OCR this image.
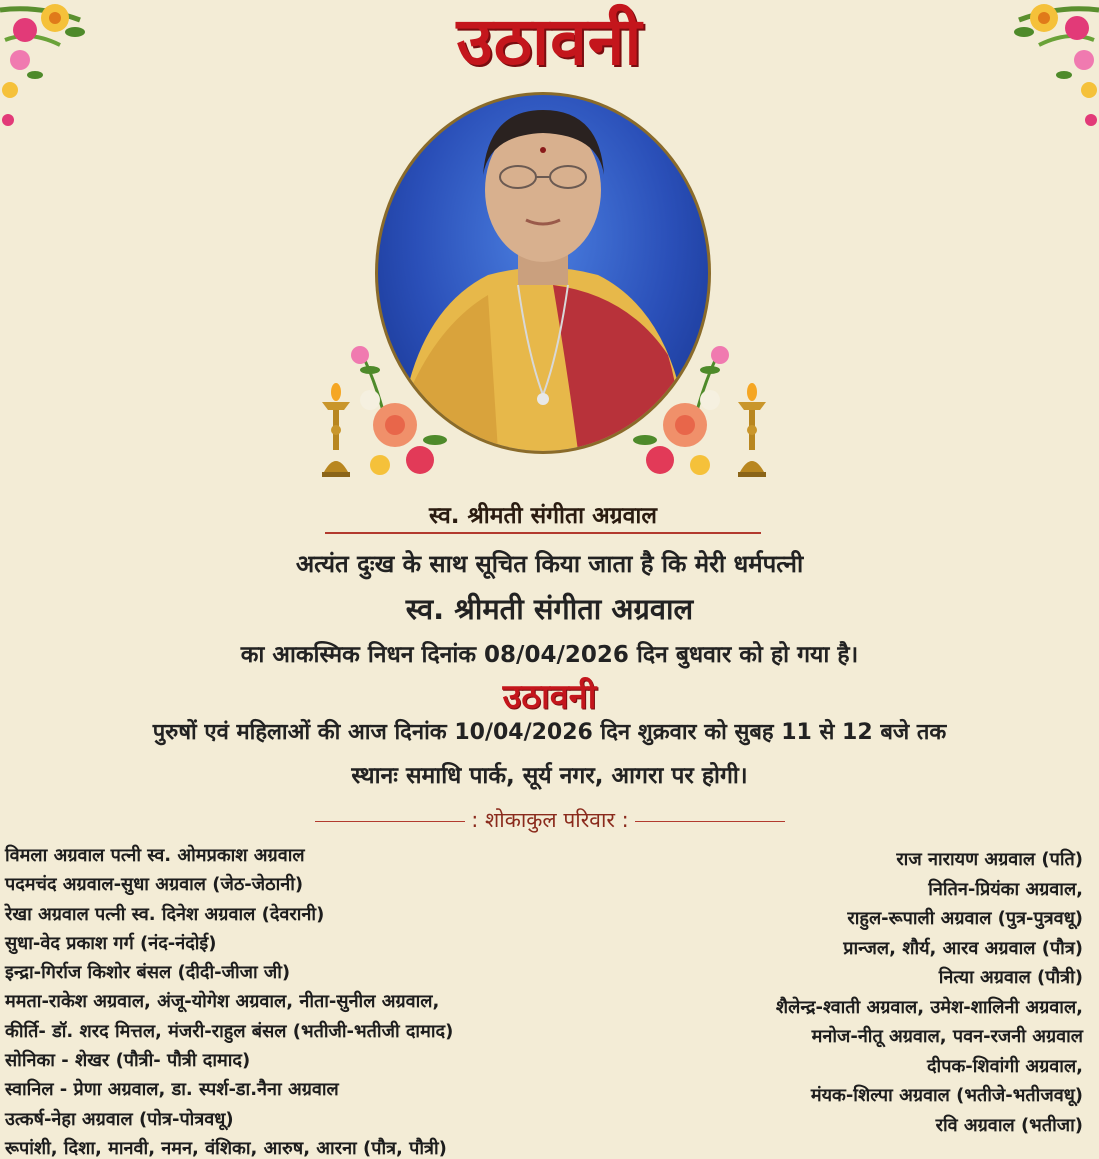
उठावनी
स्व. श्रीमती संगीता अग्रवाल
अत्यंत दुःख के साथ सूचित किया जाता है कि मेरी धर्मपत्नी
स्व. श्रीमती संगीता अग्रवाल
का आकस्मिक निधन दिनांक 08/04/2026 दिन बुधवार को हो गया है।
उठावनी
पुरुषों एवं महिलाओं की आज दिनांक 10/04/2026 दिन शुक्रवार को सुबह 11 से 12 बजे तक
स्थानः समाधि पार्क, सूर्य नगर, आगरा पर होगी।
: शोकाकुल परिवार :
विमला अग्रवाल पत्नी स्व. ओमप्रकाश अग्रवाल
पदमचंद अग्रवाल-सुधा अग्रवाल (जेठ-जेठानी)
रेखा अग्रवाल पत्नी स्व. दिनेश अग्रवाल (देवरानी)
सुधा-वेद प्रकाश गर्ग (नंद-नंदोई)
इन्द्रा-गिर्राज किशोर बंसल (दीदी-जीजा जी)
ममता-राकेश अग्रवाल, अंजू-योगेश अग्रवाल, नीता-सुनील अग्रवाल,
कीर्ति- डॉ. शरद मित्तल, मंजरी-राहुल बंसल (भतीजी-भतीजी दामाद)
सोनिका - शेखर (पौत्री- पौत्री दामाद)
स्वानिल - प्रेणा अग्रवाल, डा. स्पर्श-डा.नैना अग्रवाल
उत्कर्ष-नेहा अग्रवाल (पोत्र-पोत्रवधू)
रूपांशी, दिशा, मानवी, नमन, वंशिका, आरुष, आरना (पौत्र, पौत्री)
राज नारायण अग्रवाल (पति)
नितिन-प्रियंका अग्रवाल,
राहुल-रूपाली अग्रवाल (पुत्र-पुत्रवधू)
प्रान्जल, शौर्य, आरव अग्रवाल (पौत्र)
नित्या अग्रवाल (पौत्री)
शैलेन्द्र-श्वाती अग्रवाल, उमेश-शालिनी अग्रवाल,
मनोज-नीतू अग्रवाल, पवन-रजनी अग्रवाल
दीपक-शिवांगी अग्रवाल,
मंयक-शिल्पा अग्रवाल (भतीजे-भतीजवधू)
रवि अग्रवाल (भतीजा)
